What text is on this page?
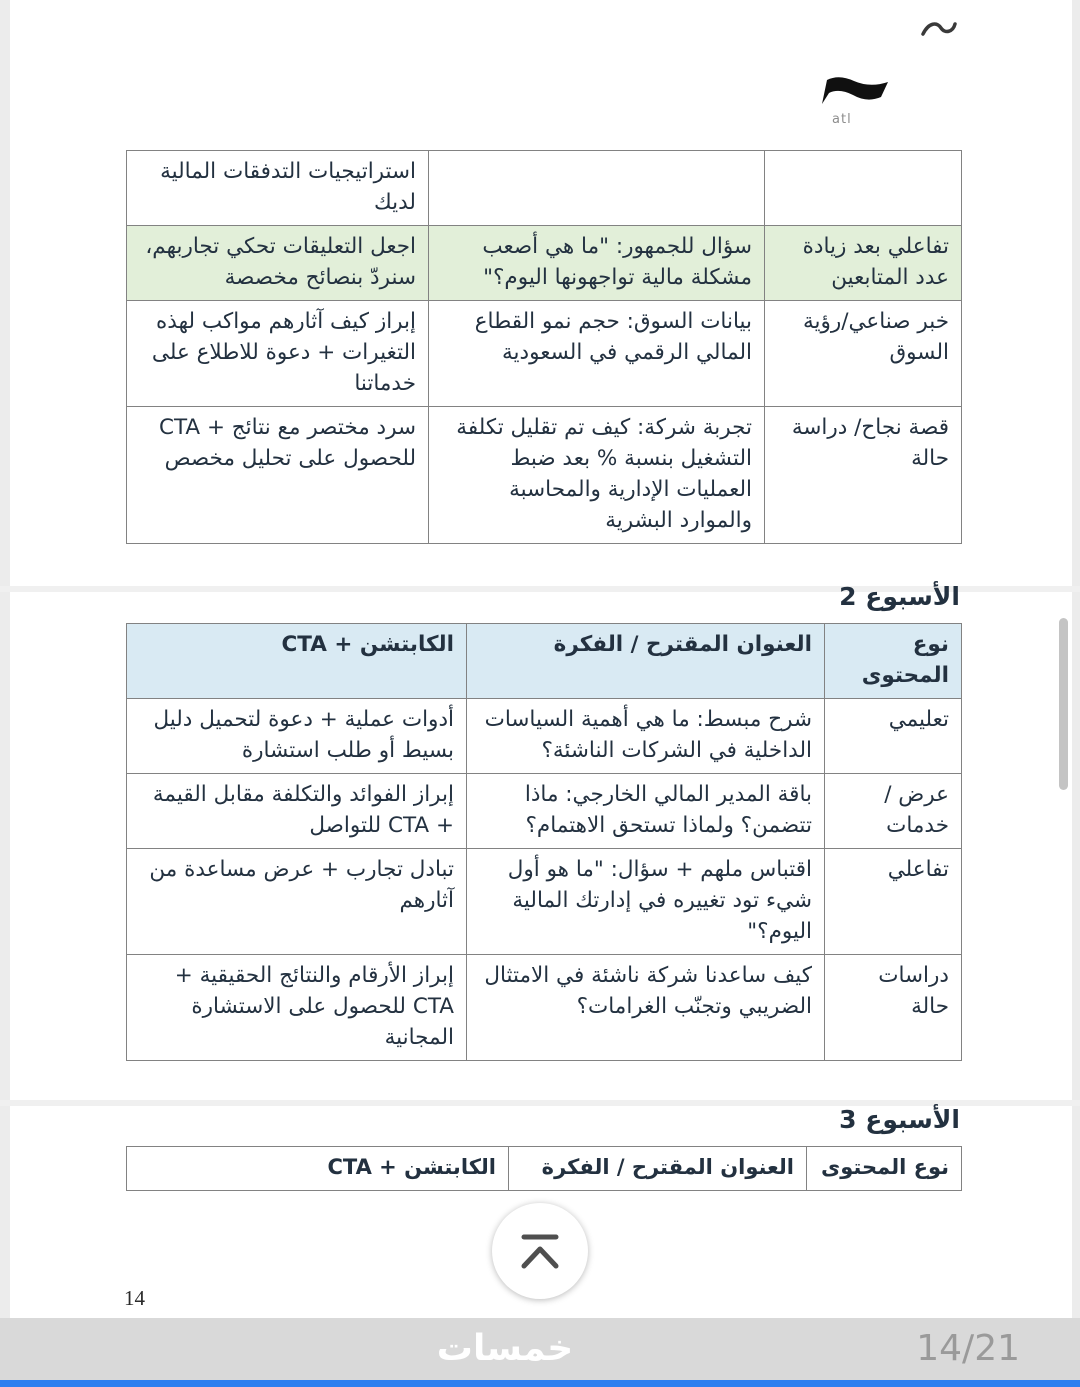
atl
		استراتيجيات التدفقات المالية لديك
تفاعلي بعد زيادة عدد المتابعين	سؤال للجمهور: "ما هي أصعب مشكلة مالية تواجهونها اليوم؟"	اجعل التعليقات تحكي تجاربهم، سنردّ بنصائح مخصصة
خبر صناعي/رؤية السوق	بيانات السوق: حجم نمو القطاع المالي الرقمي في السعودية	إبراز كيف آثارهم مواكب لهذه التغيرات + دعوة للاطلاع على خدماتنا
قصة نجاح/ دراسة حالة	تجربة شركة: كيف تم تقليل تكلفة التشغيل بنسبة % بعد ضبط العمليات الإدارية والمحاسبة والموارد البشرية	سرد مختصر مع نتائج + CTA للحصول على تحليل مخصص
الأسبوع 2
نوع المحتوى	العنوان المقترح / الفكرة	الكابتشن + CTA
تعليمي	شرح مبسط: ما هي أهمية السياسات الداخلية في الشركات الناشئة؟	أدوات عملية + دعوة لتحميل دليل بسيط أو طلب استشارة
عرض / خدمات	باقة المدير المالي الخارجي: ماذا تتضمن؟ ولماذا تستحق الاهتمام؟	إبراز الفوائد والتكلفة مقابل القيمة + CTA للتواصل
تفاعلي	اقتباس ملهم + سؤال: "ما هو أول شيء تود تغييره في إدارتك المالية اليوم؟"	تبادل تجارب + عرض مساعدة من آثارهم
دراسات حالة	كيف ساعدنا شركة ناشئة في الامتثال الضريبي وتجنّب الغرامات؟	إبراز الأرقام والنتائج الحقيقية + CTA للحصول على الاستشارة المجانية
الأسبوع 3
نوع المحتوى	العنوان المقترح / الفكرة	الكابتشن + CTA
14
خمسات	14/21
